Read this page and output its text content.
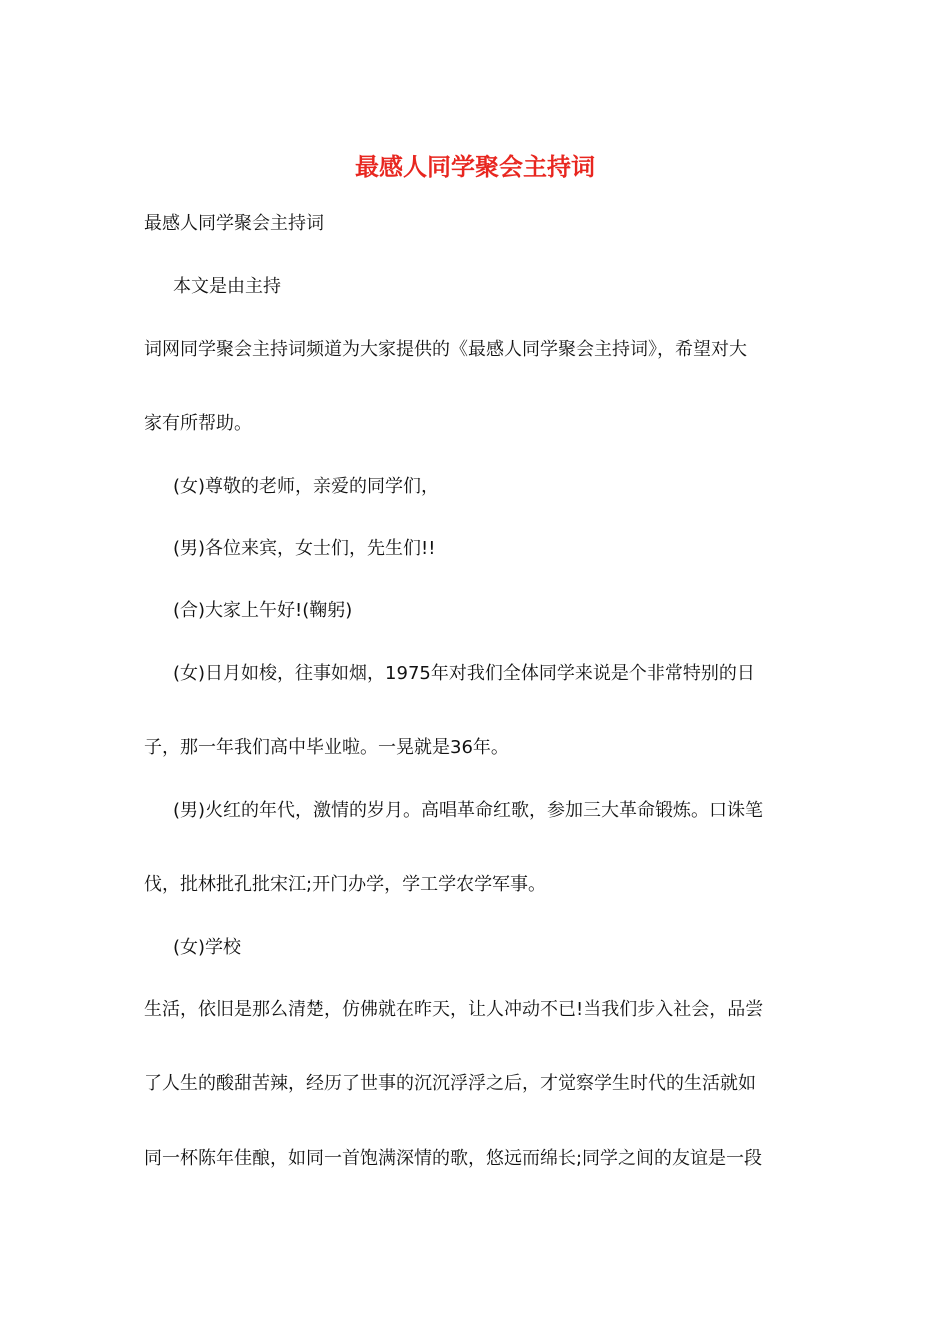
最感人同学聚会主持词

最感人同学聚会主持词

本文是由主持

词网同学聚会主持词频道为大家提供的《最感人同学聚会主持词》，希望对大

家有所帮助。

(女)尊敬的老师，亲爱的同学们，

(男)各位来宾，女士们，先生们!!

(合)大家上午好!(鞠躬)

(女)日月如梭，往事如烟，1975年对我们全体同学来说是个非常特别的日

子，那一年我们高中毕业啦。一晃就是36年。

(男)火红的年代，激情的岁月。高唱革命红歌，参加三大革命锻炼。口诛笔

伐，批林批孔批宋江;开门办学，学工学农学军事。

(女)学校

生活，依旧是那么清楚，仿佛就在昨天，让人冲动不已!当我们步入社会，品尝

了人生的酸甜苦辣，经历了世事的沉沉浮浮之后，才觉察学生时代的生活就如

同一杯陈年佳酿，如同一首饱满深情的歌，悠远而绵长;同学之间的友谊是一段
